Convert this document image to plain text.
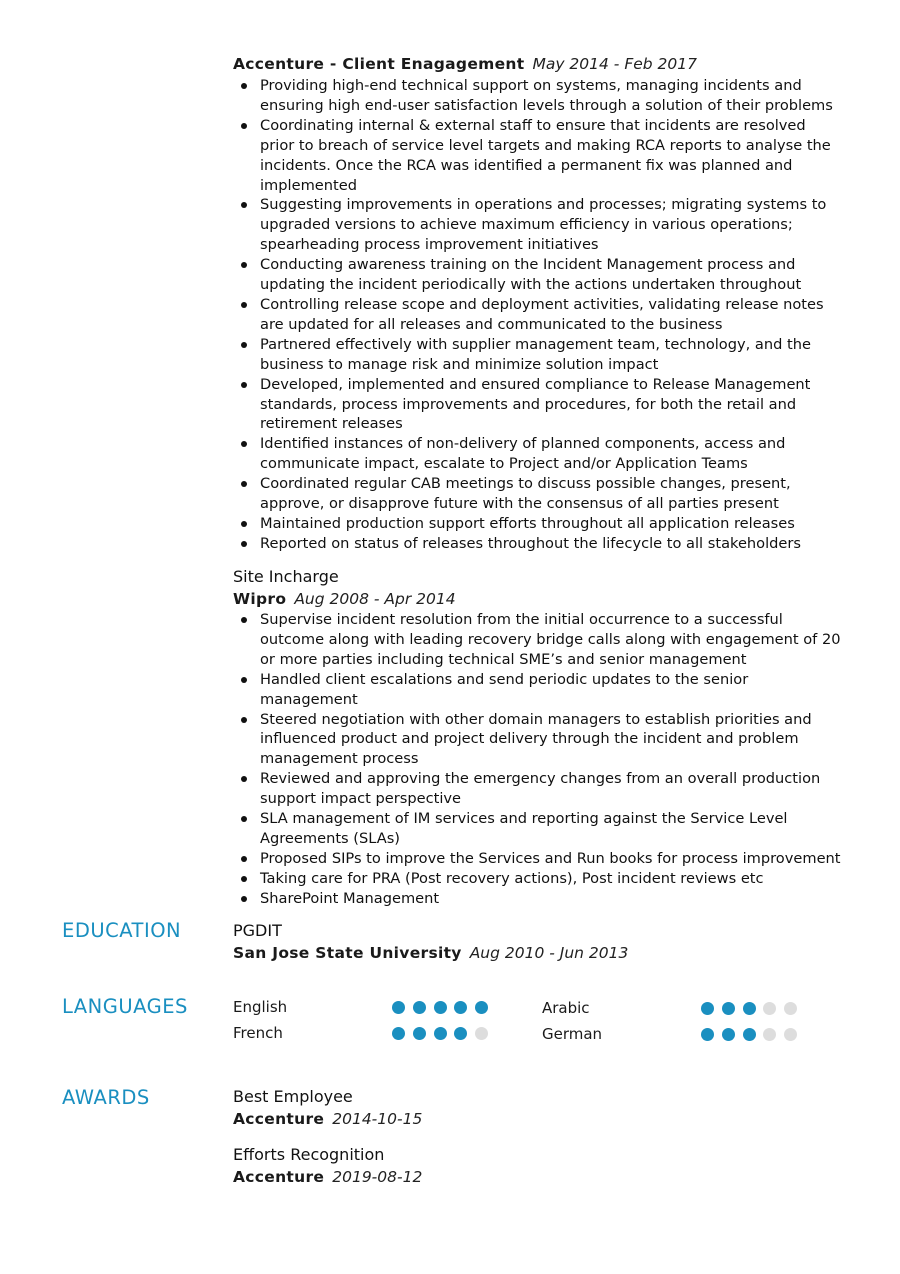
Accenture - Client Enagagement May 2014 - Feb 2017
Providing high-end technical support on systems, managing incidents and ensuring high end-user satisfaction levels through a solution of their problems
Coordinating internal & external staff to ensure that incidents are resolved prior to breach of service level targets and making RCA reports to analyse the incidents. Once the RCA was identified a permanent fix was planned and implemented
Suggesting improvements in operations and processes; migrating systems to upgraded versions to achieve maximum efficiency in various operations; spearheading process improvement initiatives
Conducting awareness training on the Incident Management process and updating the incident periodically with the actions undertaken throughout
Controlling release scope and deployment activities, validating release notes are updated for all releases and communicated to the business
Partnered effectively with supplier management team, technology, and the business to manage risk and minimize solution impact
Developed, implemented and ensured compliance to Release Management standards, process improvements and procedures, for both the retail and retirement releases
Identified instances of non-delivery of planned components, access and communicate impact, escalate to Project and/or Application Teams
Coordinated regular CAB meetings to discuss possible changes, present, approve, or disapprove future with the consensus of all parties present
Maintained production support efforts throughout all application releases
Reported on status of releases throughout the lifecycle to all stakeholders
Site Incharge
Wipro Aug 2008 - Apr 2014
Supervise incident resolution from the initial occurrence to a successful outcome along with leading recovery bridge calls along with engagement of 20 or more parties including technical SME’s and senior management
Handled client escalations and send periodic updates to the senior management
Steered negotiation with other domain managers to establish priorities and influenced product and project delivery through the incident and problem management process
Reviewed and approving the emergency changes from an overall production support impact perspective
SLA management of IM services and reporting against the Service Level Agreements (SLAs)
Proposed SIPs to improve the Services and Run books for process improvement
Taking care for PRA (Post recovery actions), Post incident reviews etc
SharePoint Management
EDUCATION	PGDIT
San Jose State University Aug 2010 - Jun 2013
LANGUAGES	English	Arabic
French	German
AWARDS	Best Employee
Accenture 2014-10-15
Efforts Recognition
Accenture 2019-08-12
